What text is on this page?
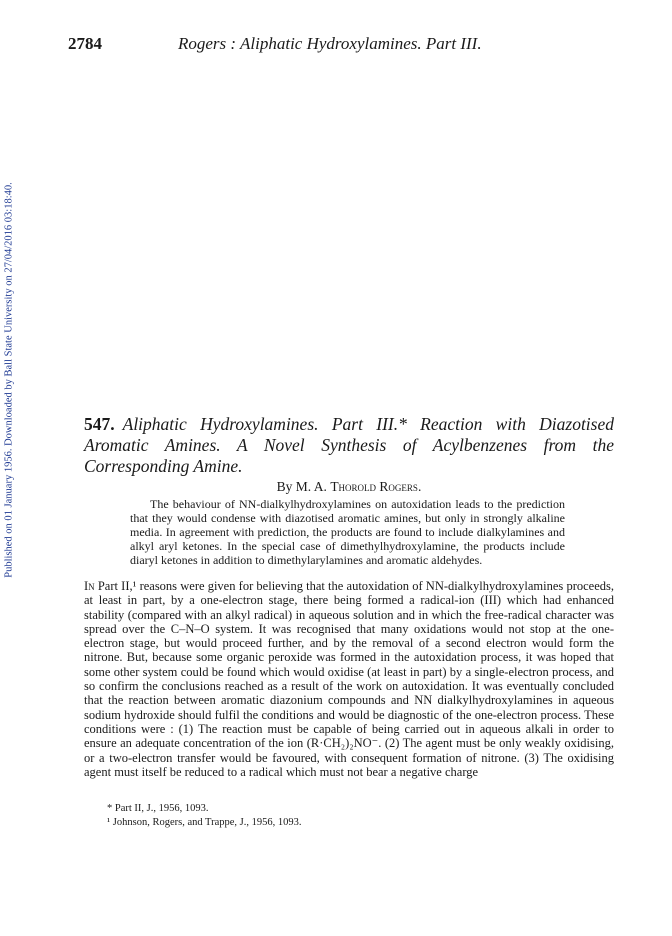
Published on 01 January 1956. Downloaded by Ball State University on 27/04/2016 03:18:40.
2784	Rogers : Aliphatic Hydroxylamines. Part III.
547. Aliphatic Hydroxylamines. Part III.* Reaction with Diazotised Aromatic Amines. A Novel Synthesis of Acylbenzenes from the Corresponding Amine.
By M. A. Thorold Rogers.

The behaviour of NN-dialkylhydroxylamines on autoxidation leads to the prediction that they would condense with diazotised aromatic amines, but only in strongly alkaline media. In agreement with prediction, the products are found to include dialkylamines and alkyl aryl ketones. In the special case of dimethylhydroxylamine, the products include diaryl ketones in addition to dimethylarylamines and aromatic aldehydes.

In Part II,¹ reasons were given for believing that the autoxidation of NN-dialkylhydroxylamines proceeds, at least in part, by a one-electron stage, there being formed a radical-ion (III) which had enhanced stability (compared with an alkyl radical) in aqueous solution and in which the free-radical character was spread over the C–N–O system. It was recognised that many oxidations would not stop at the one-electron stage, but would proceed further, and by the removal of a second electron would form the nitrone. But, because some organic peroxide was formed in the autoxidation process, it was hoped that some other system could be found which would oxidise (at least in part) by a single-electron process, and so confirm the conclusions reached as a result of the work on autoxidation. It was eventually concluded that the reaction between aromatic diazonium compounds and NN dialkylhydroxylamines in aqueous sodium hydroxide should fulfil the conditions and would be diagnostic of the one-electron process. These conditions were : (1) The reaction must be capable of being carried out in aqueous alkali in order to ensure an adequate concentration of the ion (R·CH₂)₂NO⁻. (2) The agent must be only weakly oxidising, or a two-electron transfer would be favoured, with consequent formation of nitrone. (3) The oxidising agent must itself be reduced to a radical which must not bear a negative charge

* Part II, J., 1956, 1093.
¹ Johnson, Rogers, and Trappe, J., 1956, 1093.
